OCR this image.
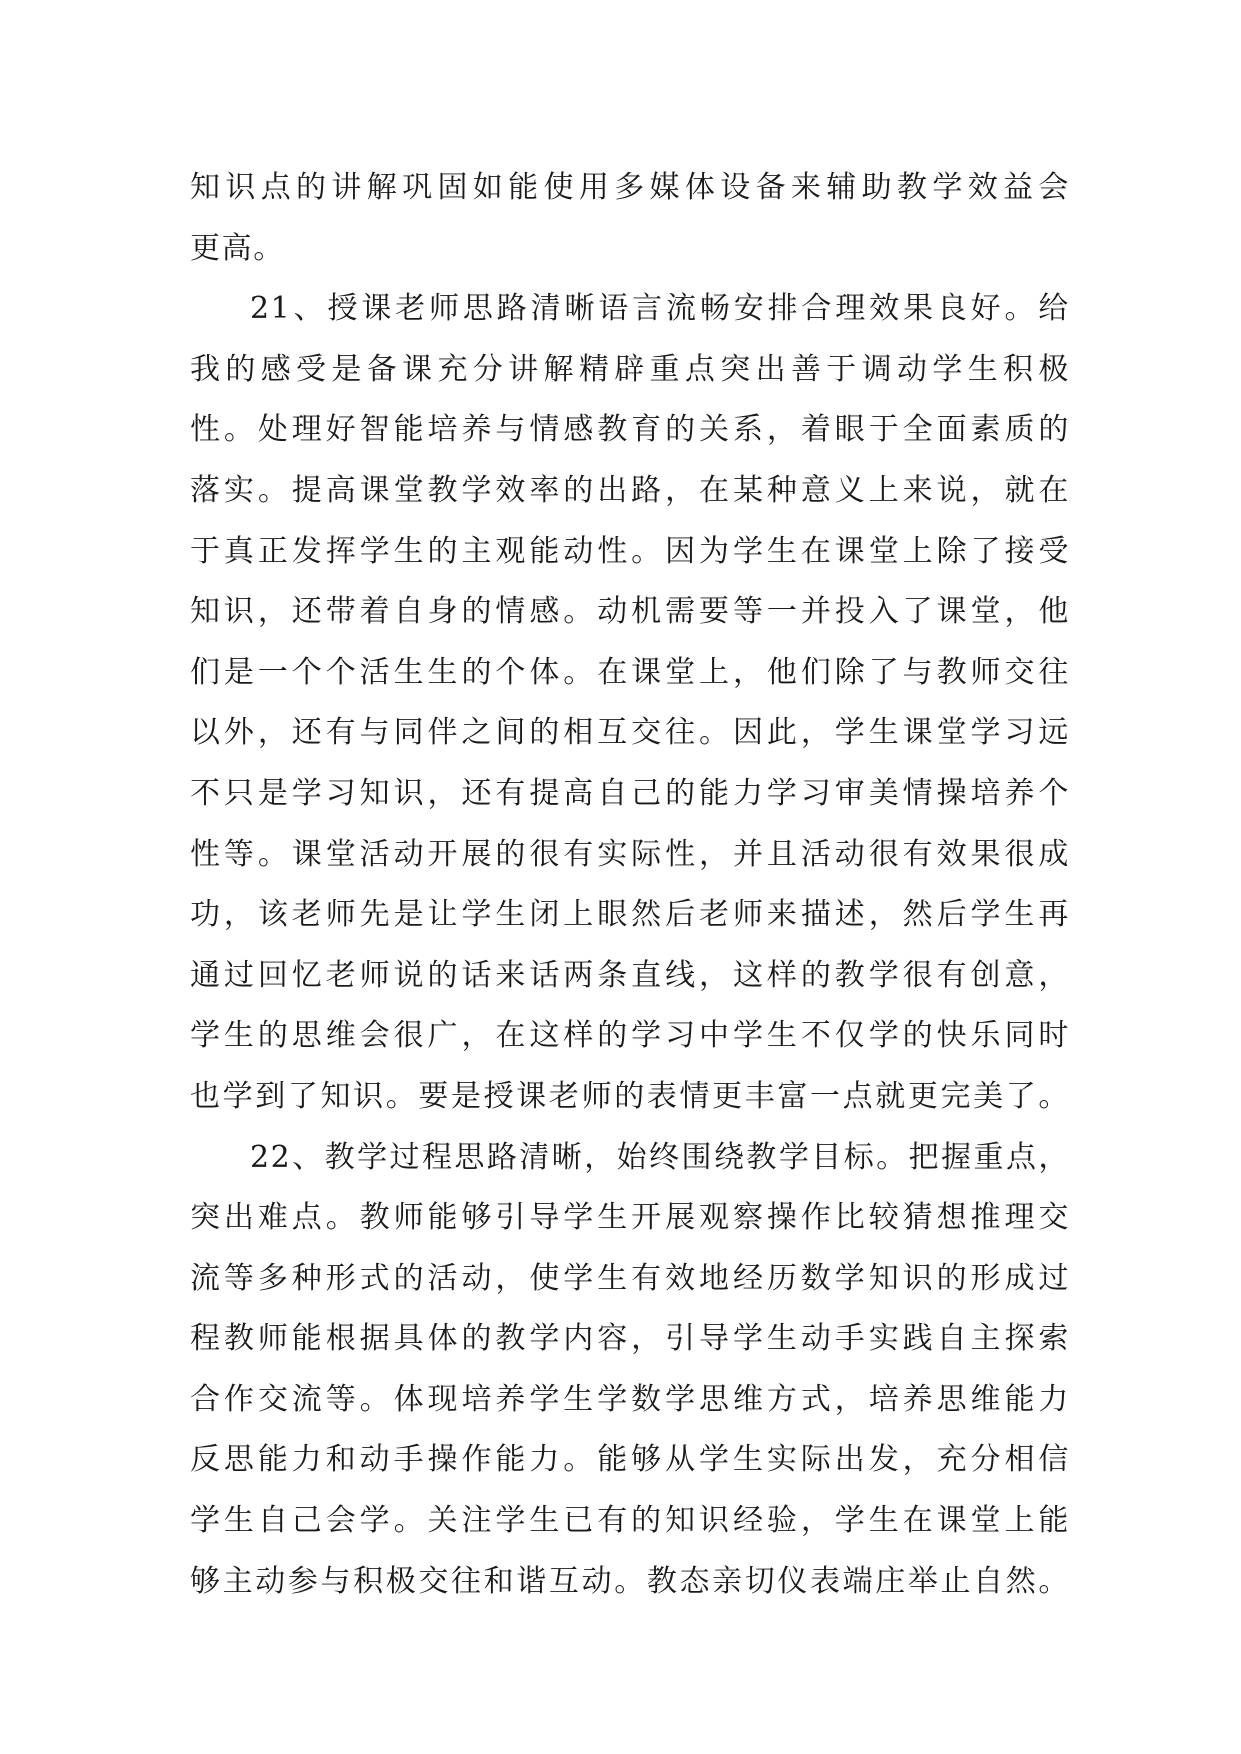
知识点的讲解巩固如能使用多媒体设备来辅助教学效益会
更高。
21、授课老师思路清晰语言流畅安排合理效果良好。给
我的感受是备课充分讲解精辟重点突出善于调动学生积极
性。处理好智能培养与情感教育的关系，着眼于全面素质的
落实。提高课堂教学效率的出路，在某种意义上来说，就在
于真正发挥学生的主观能动性。因为学生在课堂上除了接受
知识，还带着自身的情感。动机需要等一并投入了课堂，他
们是一个个活生生的个体。在课堂上，他们除了与教师交往
以外，还有与同伴之间的相互交往。因此，学生课堂学习远
不只是学习知识，还有提高自己的能力学习审美情操培养个
性等。课堂活动开展的很有实际性，并且活动很有效果很成
功，该老师先是让学生闭上眼然后老师来描述，然后学生再
通过回忆老师说的话来话两条直线，这样的教学很有创意，
学生的思维会很广，在这样的学习中学生不仅学的快乐同时
也学到了知识。要是授课老师的表情更丰富一点就更完美了。
22、教学过程思路清晰，始终围绕教学目标。把握重点，
突出难点。教师能够引导学生开展观察操作比较猜想推理交
流等多种形式的活动，使学生有效地经历数学知识的形成过
程教师能根据具体的教学内容，引导学生动手实践自主探索
合作交流等。体现培养学生学数学思维方式，培养思维能力
反思能力和动手操作能力。能够从学生实际出发，充分相信
学生自己会学。关注学生已有的知识经验，学生在课堂上能
够主动参与积极交往和谐互动。教态亲切仪表端庄举止自然。
